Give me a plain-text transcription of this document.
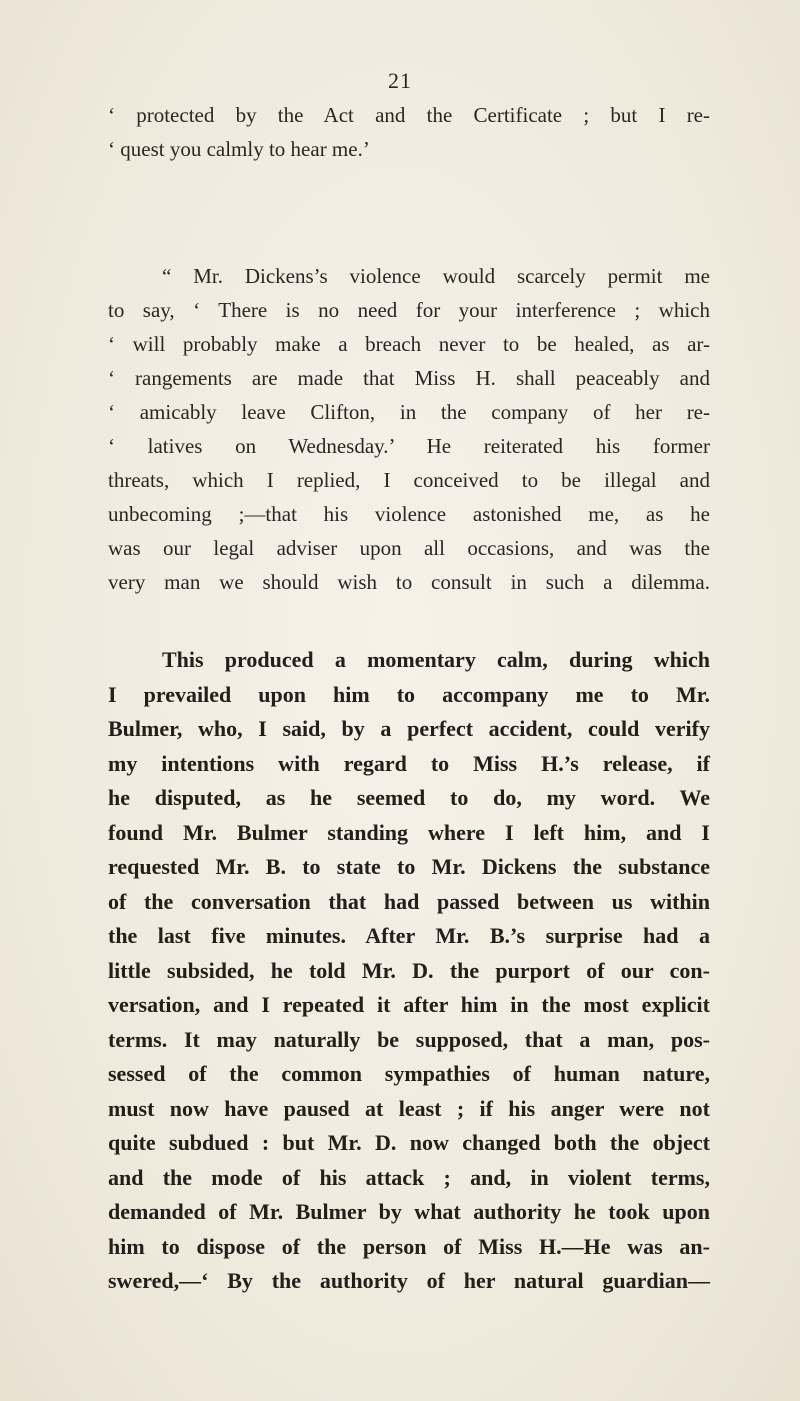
21
‘ protected by the Act and the Certificate ; but I re-
‘ quest you calmly to hear me.’
“ Mr. Dickens’s violence would scarcely permit me
to say, ‘ There is no need for your interference ; which
‘ will probably make a breach never to be healed, as ar-
‘ rangements are made that Miss H. shall peaceably and
‘ amicably leave Clifton, in the company of her re-
‘ latives on Wednesday.’ He reiterated his former
threats, which I replied, I conceived to be illegal and
unbecoming ;—that his violence astonished me, as he
was our legal adviser upon all occasions, and was the
very man we should wish to consult in such a dilemma.
This produced a momentary calm, during which
I prevailed upon him to accompany me to Mr.
Bulmer, who, I said, by a perfect accident, could verify
my intentions with regard to Miss H.’s release, if
he disputed, as he seemed to do, my word. We
found Mr. Bulmer standing where I left him, and I
requested Mr. B. to state to Mr. Dickens the substance
of the conversation that had passed between us within
the last five minutes. After Mr. B.’s surprise had a
little subsided, he told Mr. D. the purport of our con-
versation, and I repeated it after him in the most explicit
terms. It may naturally be supposed, that a man, pos-
sessed of the common sympathies of human nature,
must now have paused at least ; if his anger were not
quite subdued : but Mr. D. now changed both the object
and the mode of his attack ; and, in violent terms,
demanded of Mr. Bulmer by what authority he took upon
him to dispose of the person of Miss H.—He was an-
swered,—‘ By the authority of her natural guardian—
